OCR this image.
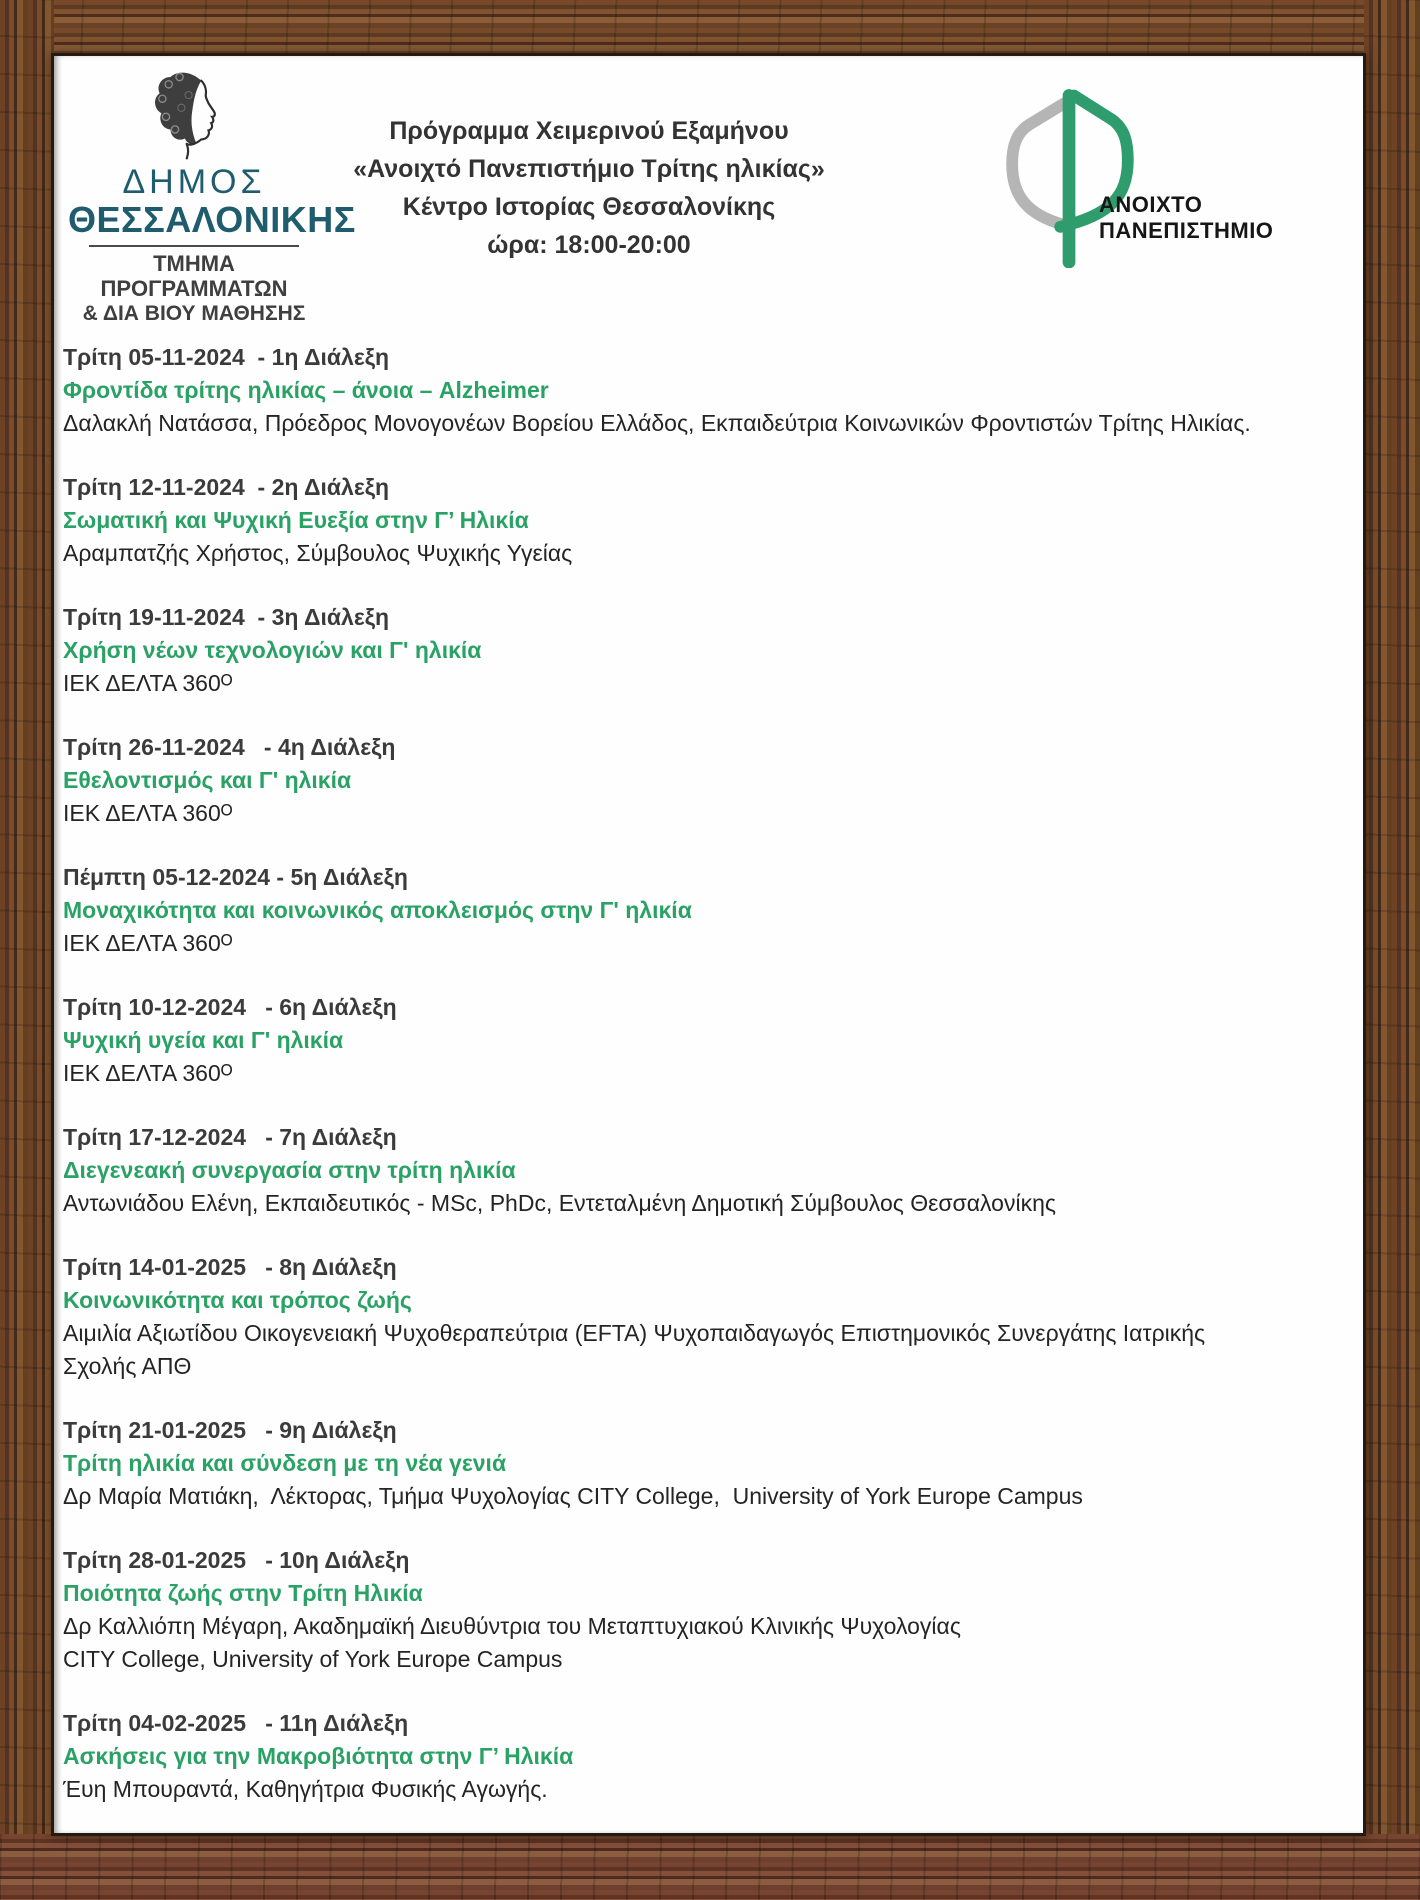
ΔΗΜΟΣ
ΘΕΣΣΑΛΟΝΙΚΗΣ
ΤΜΗΜΑ ΠΡΟΓΡΑΜΜΑΤΩΝ
& ΔΙΑ ΒΙΟΥ ΜΑΘΗΣΗΣ
Πρόγραμμα Χειμερινού Εξαμήνου
«Ανοιχτό Πανεπιστήμιο Τρίτης ηλικίας»
Κέντρο Ιστορίας Θεσσαλονίκης
ώρα: 18:00-20:00
ΑΝΟΙΧΤΟ
ΠΑΝΕΠΙΣΤΗΜΙΟ
Τρίτη 05-11-2024  - 1η Διάλεξη
Φροντίδα τρίτης ηλικίας – άνοια – Alzheimer
Δαλακλή Νατάσσα, Πρόεδρος Μονογονέων Βορείου Ελλάδος, Εκπαιδεύτρια Κοινωνικών Φροντιστών Τρίτης Ηλικίας.
Τρίτη 12-11-2024  - 2η Διάλεξη
Σωματική και Ψυχική Ευεξία στην Γ’ Ηλικία
Αραμπατζής Χρήστος, Σύμβουλος Ψυχικής Υγείας
Τρίτη 19-11-2024  - 3η Διάλεξη
Χρήση νέων τεχνολογιών και Γ' ηλικία
ΙΕΚ ΔΕΛΤΑ 360ᴼ
Τρίτη 26-11-2024   - 4η Διάλεξη
Εθελοντισμός και Γ' ηλικία
ΙΕΚ ΔΕΛΤΑ 360ᴼ
Πέμπτη 05-12-2024 - 5η Διάλεξη
Μοναχικότητα και κοινωνικός αποκλεισμός στην Γ' ηλικία
ΙΕΚ ΔΕΛΤΑ 360ᴼ
Τρίτη 10-12-2024   - 6η Διάλεξη
Ψυχική υγεία και Γ' ηλικία
ΙΕΚ ΔΕΛΤΑ 360ᴼ
Τρίτη 17-12-2024   - 7η Διάλεξη
Διεγενεακή συνεργασία στην τρίτη ηλικία
Αντωνιάδου Ελένη, Εκπαιδευτικός - MSc, PhDc, Εντεταλμένη Δημοτική Σύμβουλος Θεσσαλονίκης
Τρίτη 14-01-2025   - 8η Διάλεξη
Κοινωνικότητα και τρόπος ζωής
Αιμιλία Αξιωτίδου Οικογενειακή Ψυχοθεραπεύτρια (EFTA) Ψυχοπαιδαγωγός Επιστημονικός Συνεργάτης Ιατρικής
Σχολής ΑΠΘ
Τρίτη 21-01-2025   - 9η Διάλεξη
Τρίτη ηλικία και σύνδεση με τη νέα γενιά
Δρ Μαρία Ματιάκη,  Λέκτορας, Τμήμα Ψυχολογίας CITY College,  University of York Europe Campus
Τρίτη 28-01-2025   - 10η Διάλεξη
Ποιότητα ζωής στην Τρίτη Ηλικία
Δρ Καλλιόπη Μέγαρη, Ακαδημαϊκή Διευθύντρια του Μεταπτυχιακού Κλινικής Ψυχολογίας
CITY College, University of York Europe Campus
Τρίτη 04-02-2025   - 11η Διάλεξη
Ασκήσεις για την Μακροβιότητα στην Γ’ Ηλικία
Έυη Μπουραντά, Καθηγήτρια Φυσικής Αγωγής.
